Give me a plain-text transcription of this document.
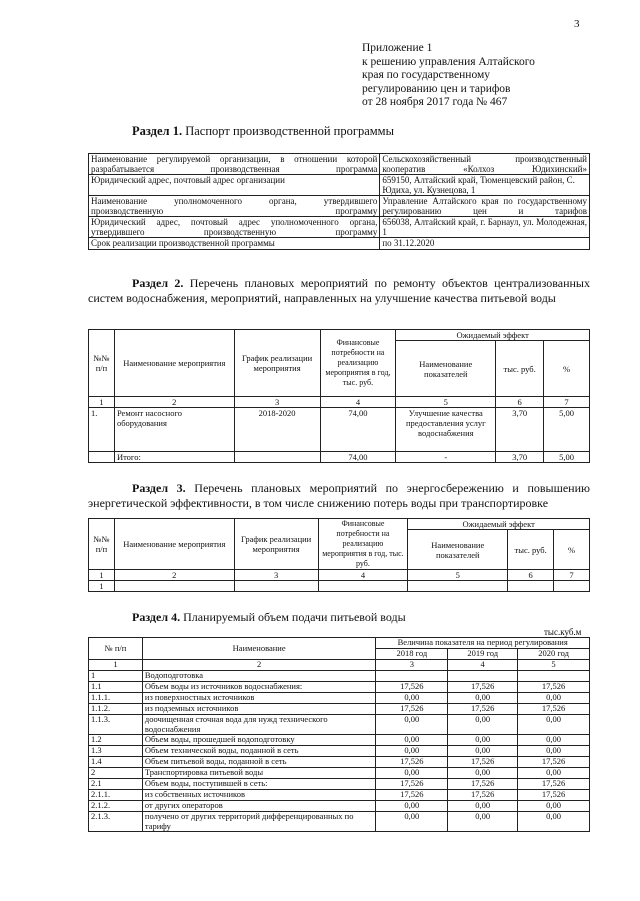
3
Приложение 1
к решению управления Алтайского
края по государственному
регулированию цен и тарифов
от 28 ноября 2017 года № 467
Раздел 1. Паспорт производственной программы
Наименование регулируемой организации, в отношении которой разрабатывается производственная программа	Сельскохозяйственный производственный кооператив «Колхоз Юдихинский»
Юридический адрес, почтовый адрес организации	659150, Алтайский край, Тюменцевский район, С. Юдиха, ул. Кузнецова, 1
Наименование уполномоченного органа, утвердившего производственную программу	Управление Алтайского края по государственному регулированию цен и тарифов
Юридический адрес, почтовый адрес уполномоченного органа, утвердившего производственную программу	656038, Алтайский край, г. Барнаул, ул. Молодежная, 1
Срок реализации производственной программы	по 31.12.2020
Раздел 2. Перечень плановых мероприятий по ремонту объектов централизованных систем водоснабжения, мероприятий, направленных на улучшение качества питьевой воды
№№ п/п	Наименование мероприятия	График реализации мероприятия	Финансовые потребности на реализацию мероприятия в год, тыс. руб.	Ожидаемый эффект		
				Наименование показателей	тыс. руб.	%
1	2	3	4	5	6	7
1.	Ремонт насосного оборудования	2018-2020	74,00	Улучшение качества предоставления услуг водоснабжения	3,70	5,00
	Итого:		74,00	-	3,70	5,00
Раздел 3. Перечень плановых мероприятий по энергосбережению и повышению энергетической эффективности, в том числе снижению потерь воды при транспортировке
№№ п/п	Наименование мероприятия	График реализации мероприятия	Финансовые потребности на реализацию мероприятия в год, тыс. руб.	Ожидаемый эффект		
				Наименование показателей	тыс. руб.	%
1	2	3	4	5	6	7
1						
Раздел 4. Планируемый объем подачи питьевой воды
тыс.куб.м
№ п/п	Наименование	Величина показателя на период регулирования		
		2018 год	2019 год	2020 год
1	2	3	4	5
1	Водоподготовка			
1.1	Объем воды из источников водоснабжения:	17,526	17,526	17,526
1.1.1.	из поверхностных источников	0,00	0,00	0,00
1.1.2.	из подземных источников	17,526	17,526	17,526
1.1.3.	доочищенная сточная вода для нужд технического водоснабжения	0,00	0,00	0,00
1.2	Объем воды, прошедшей водоподготовку	0,00	0,00	0,00
1.3	Объем технической воды, поданной в сеть	0,00	0,00	0,00
1.4	Объем питьевой воды, поданной в сеть	17,526	17,526	17,526
2	Транспортировка питьевой воды	0,00	0,00	0,00
2.1	Объем воды, поступившей в сеть:	17,526	17,526	17,526
2.1.1.	из собственных источников	17,526	17,526	17,526
2.1.2.	от других операторов	0,00	0,00	0,00
2.1.3.	получено от других территорий дифференцированных по тарифу	0,00	0,00	0,00
